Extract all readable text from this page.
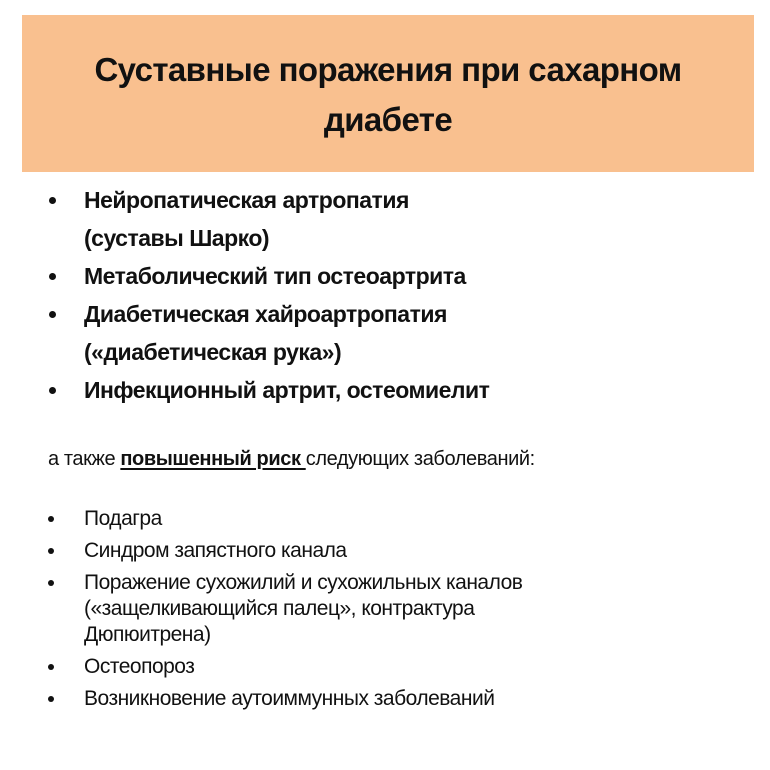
Суставные поражения при сахарном
диабете
Нейропатическая артропатия
(суставы Шарко)
Метаболический тип остеоартрита
Диабетическая хайроартропатия
(«диабетическая рука»)
Инфекционный артрит, остеомиелит
а также повышенный риск следующих заболеваний:
Подагра
Синдром запястного канала
Поражение сухожилий и сухожильных каналов
(«защелкивающийся палец», контрактура
Дюпюитрена)
Остеопороз
Возникновение аутоиммунных заболеваний
